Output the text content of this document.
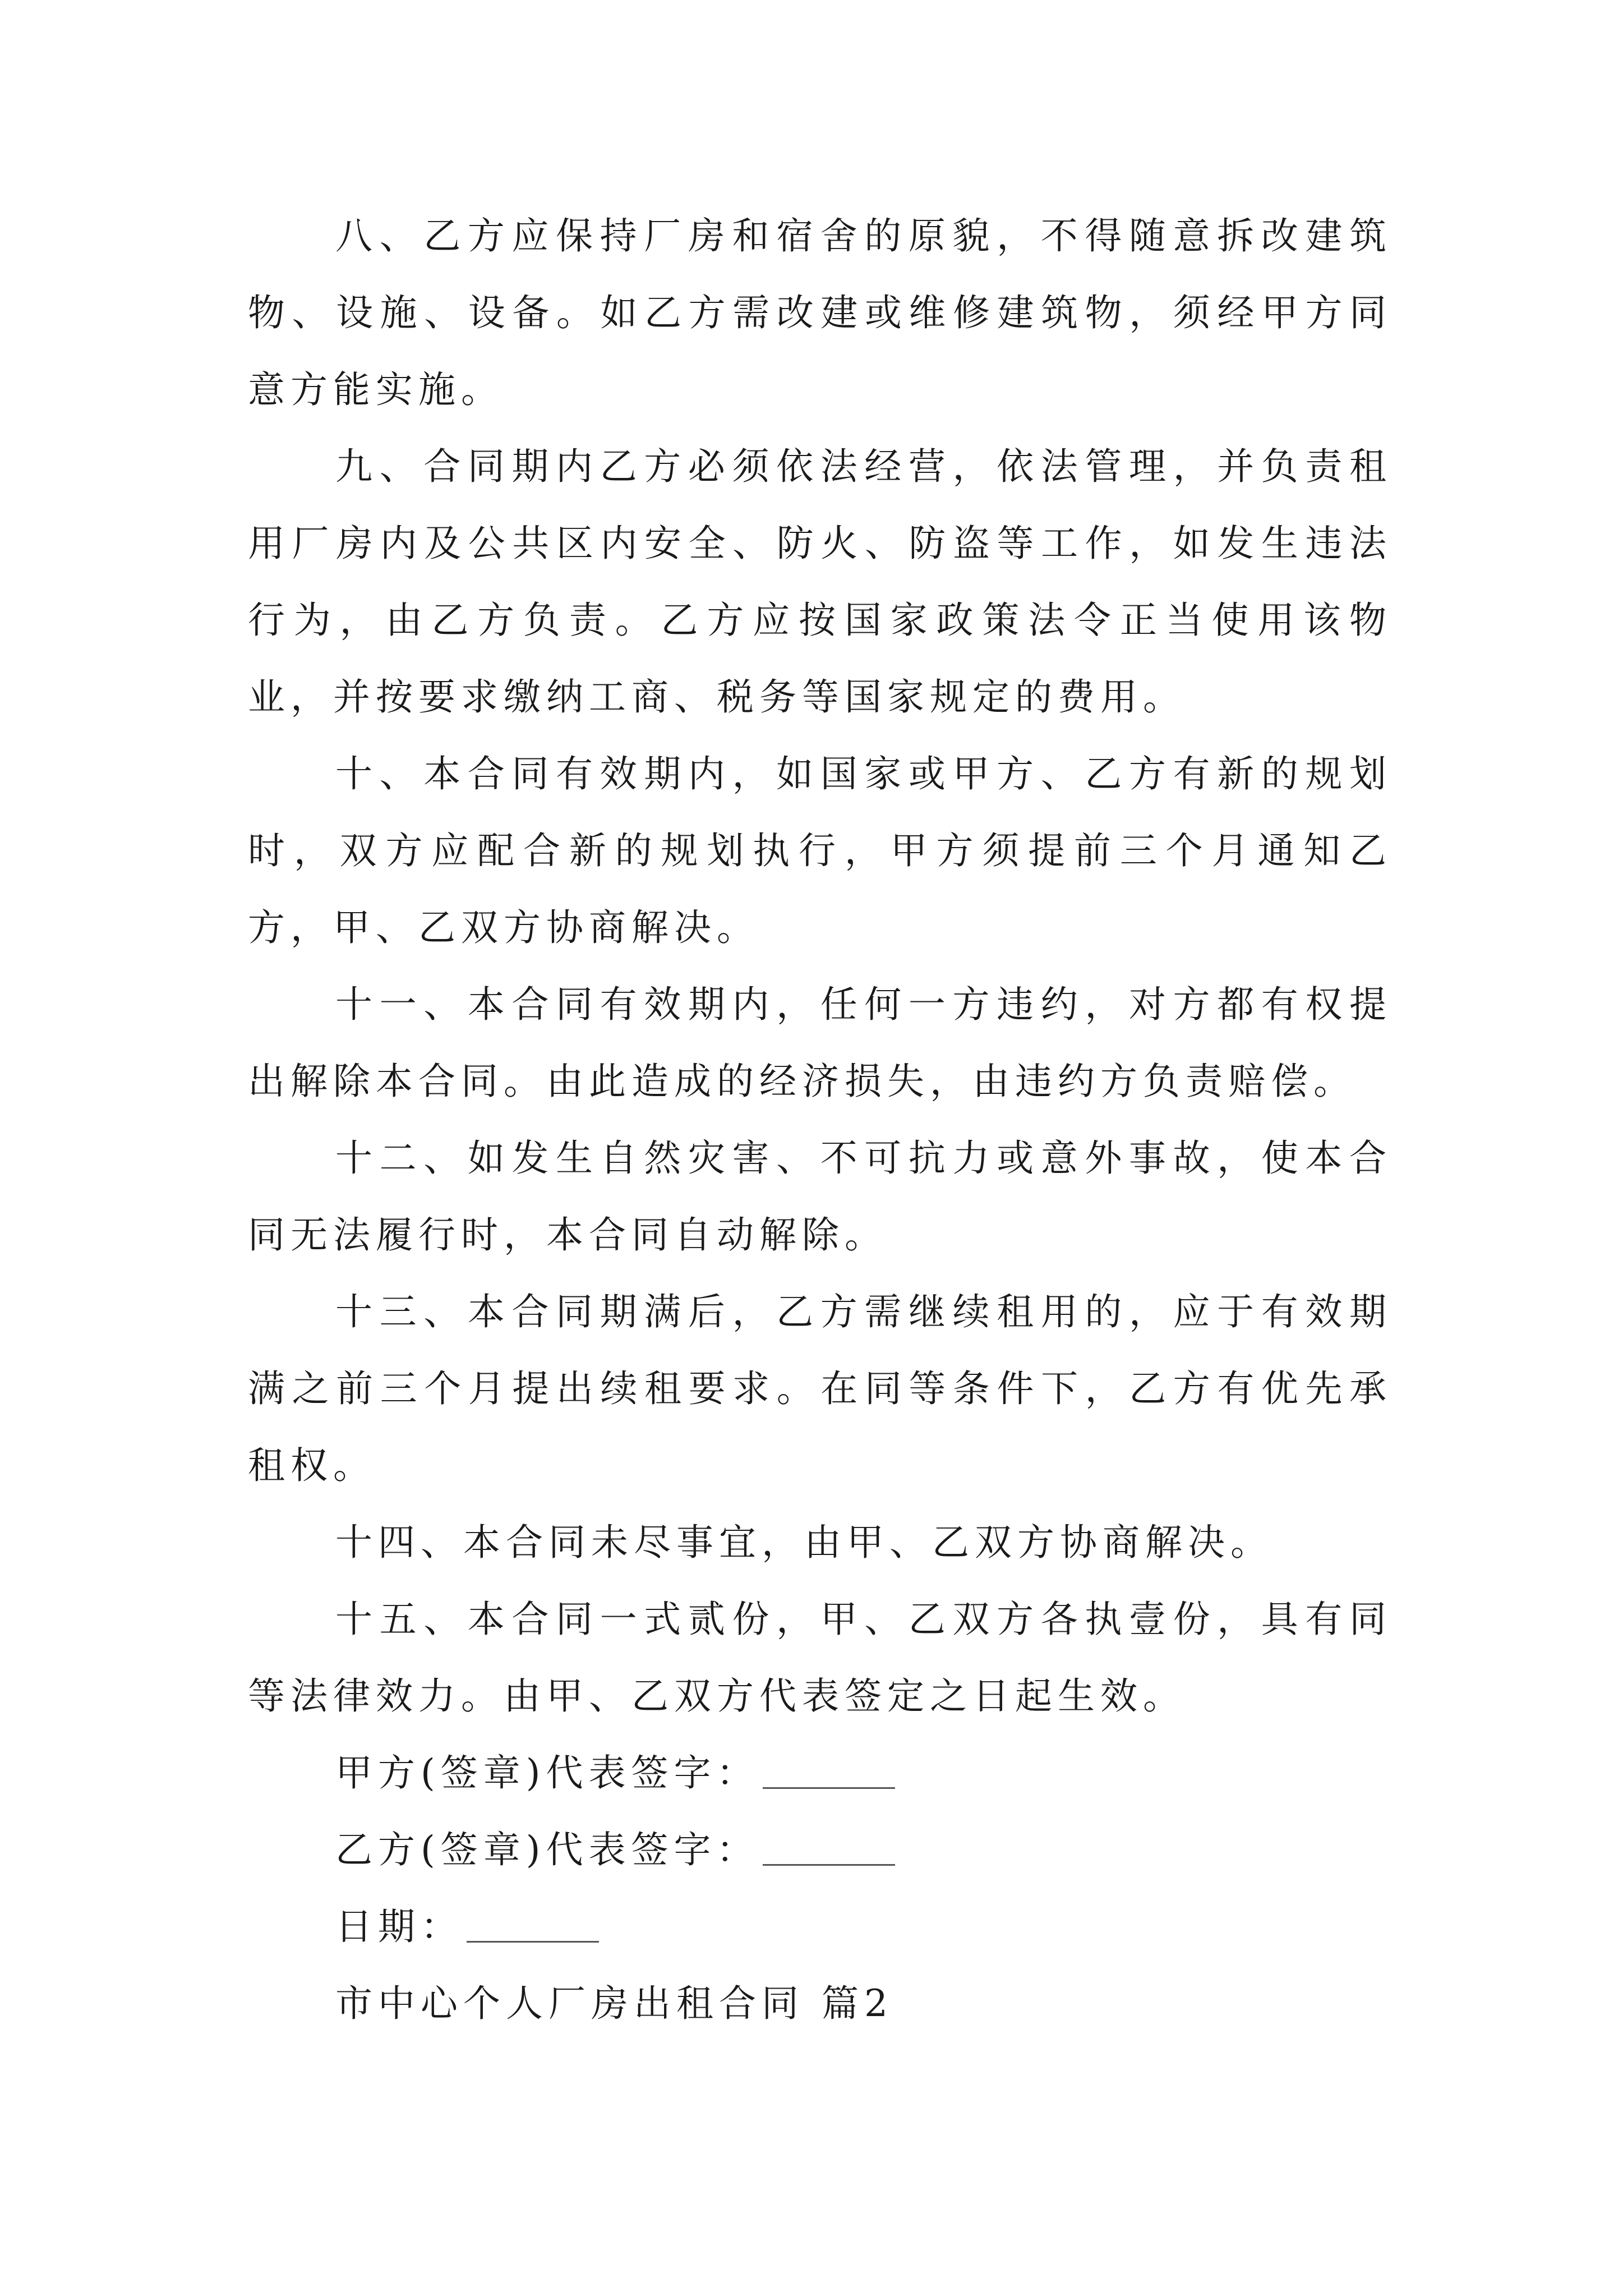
八、乙方应保持厂房和宿舍的原貌，不得随意拆改建筑物、设施、设备。如乙方需改建或维修建筑物，须经甲方同意方能实施。

九、合同期内乙方必须依法经营，依法管理，并负责租用厂房内及公共区内安全、防火、防盗等工作，如发生违法行为，由乙方负责。乙方应按国家政策法令正当使用该物业，并按要求缴纳工商、税务等国家规定的费用。

十、本合同有效期内，如国家或甲方、乙方有新的规划时，双方应配合新的规划执行，甲方须提前三个月通知乙方，甲、乙双方协商解决。

十一、本合同有效期内，任何一方违约，对方都有权提出解除本合同。由此造成的经济损失，由违约方负责赔偿。

十二、如发生自然灾害、不可抗力或意外事故，使本合同无法履行时，本合同自动解除。

十三、本合同期满后，乙方需继续租用的，应于有效期满之前三个月提出续租要求。在同等条件下，乙方有优先承租权。

十四、本合同未尽事宜，由甲、乙双方协商解决。

十五、本合同一式贰份，甲、乙双方各执壹份，具有同等法律效力。由甲、乙双方代表签定之日起生效。

甲方(签章)代表签字：
乙方(签章)代表签字：
日期：
市中心个人厂房出租合同 篇2
